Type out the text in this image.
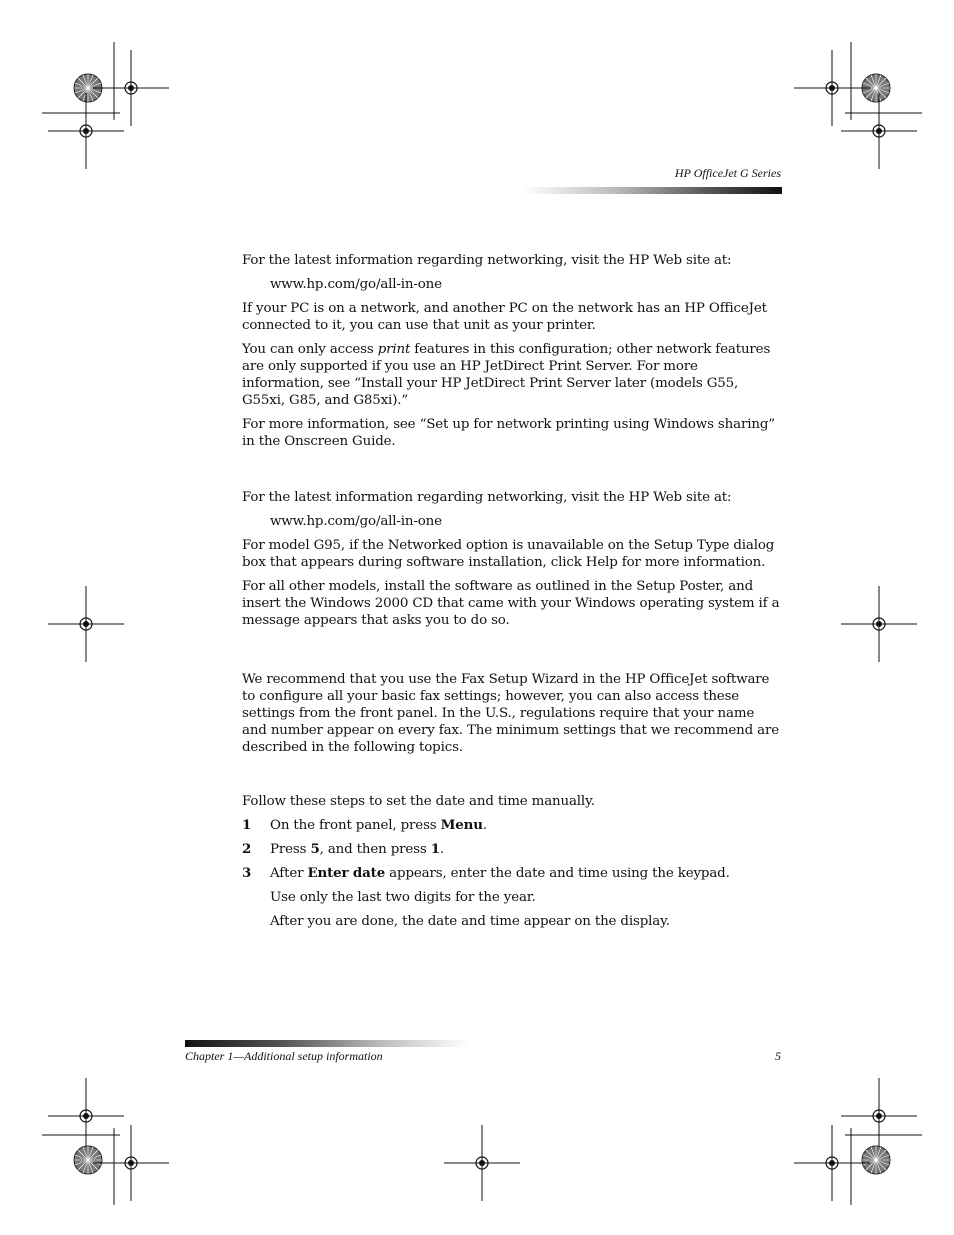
HP OfficeJet G Series

For the latest information regarding networking, visit the HP Web site at:

www.hp.com/go/all-in-one

If your PC is on a network, and another PC on the network has an HP OfficeJet connected to it, you can use that unit as your printer.

You can only access print features in this configuration; other network features are only supported if you use an HP JetDirect Print Server. For more information, see “Install your HP JetDirect Print Server later (models G55, G55xi, G85, and G85xi).”

For more information, see “Set up for network printing using Windows sharing” in the Onscreen Guide.

For the latest information regarding networking, visit the HP Web site at:

www.hp.com/go/all-in-one

For model G95, if the Networked option is unavailable on the Setup Type dialog box that appears during software installation, click Help for more information.

For all other models, install the software as outlined in the Setup Poster, and insert the Windows 2000 CD that came with your Windows operating system if a message appears that asks you to do so.

We recommend that you use the Fax Setup Wizard in the HP OfficeJet software to configure all your basic fax settings; however, you can also access these settings from the front panel. In the U.S., regulations require that your name and number appear on every fax. The minimum settings that we recommend are described in the following topics.

Follow these steps to set the date and time manually.

1	On the front panel, press Menu.
2	Press 5, and then press 1.
3	After Enter date appears, enter the date and time using the keypad.

Use only the last two digits for the year.

After you are done, the date and time appear on the display.

Chapter 1—Additional setup information	5
